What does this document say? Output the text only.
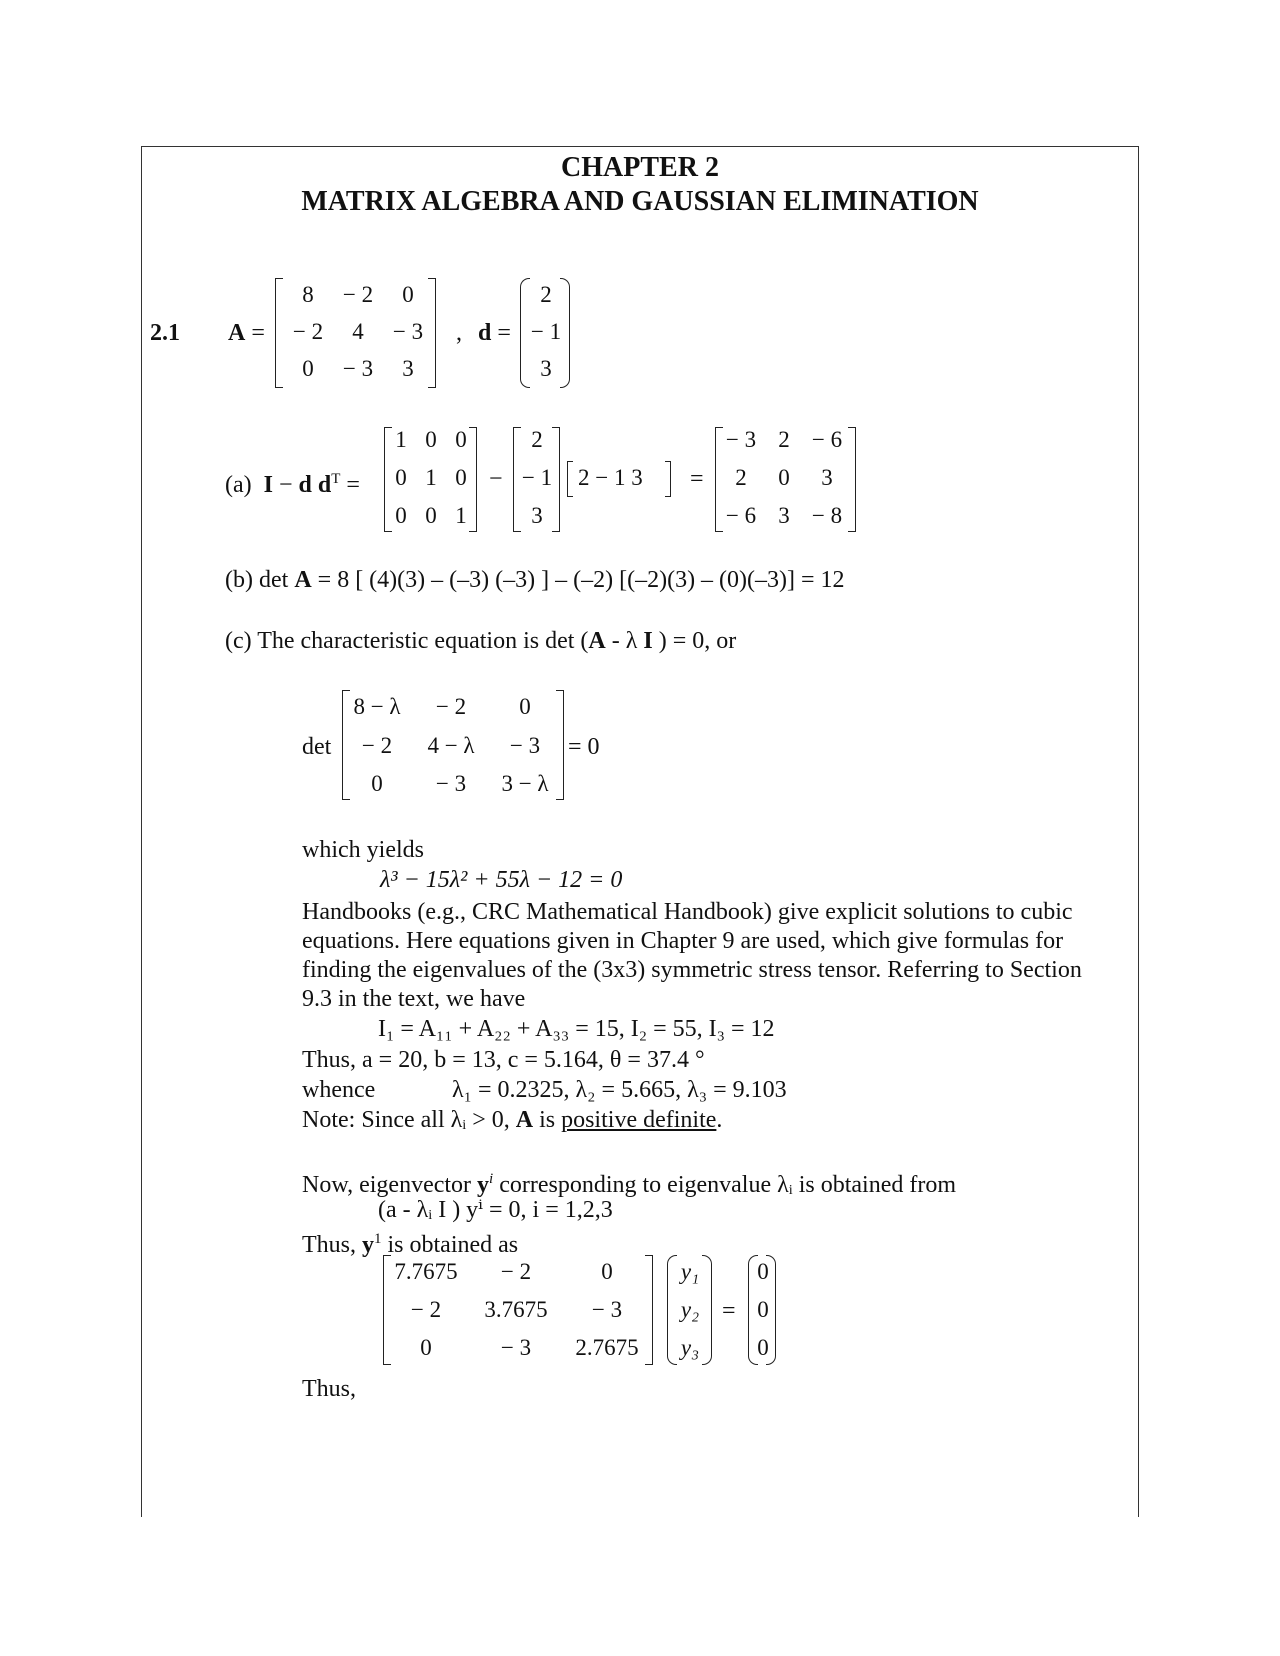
CHAPTER 2
MATRIX ALGEBRA AND GAUSSIAN ELIMINATION
2.1 A =
8	− 2	0
− 2	4	− 3
0	− 3	3
, d =
2
− 1
3
(a) I − d $d^T$ =
1 0 0
0 1 0
0 0 1
−
2
− 1
3
2 − 1 3 =
− 3 2 − 6
2	0	3
− 6 3 − 8
(b) det A = 8 [ (4)(3) – (–3) (–3) ] – (–2) [(–2)(3) – (0)(–3)] = 12
(c) The characteristic equation is det (A - λ I ) = 0, or
det
8 − λ	− 2	0
− 2	4 − λ	− 3
0	− 3	3 − λ
= 0
which yields
λ³ − 15λ² + 55λ − 12 = 0
Handbooks (e.g., CRC Mathematical Handbook) give explicit solutions to cubic
equations. Here equations given in Chapter 9 are used, which give formulas for
finding the eigenvalues of the (3x3) symmetric stress tensor. Referring to Section
9.3 in the text, we have
I₁ = A₁₁ + A₂₂ + A₃₃ = 15, I₂ = 55, I₃ = 12
Thus, a = 20, b = 13, c = 5.164, θ = 37.4 °
whence	λ₁ = 0.2325, λ₂ = 5.665, λ₃ = 9.103
Note: Since all λᵢ > 0, A is positive definite.
Now, eigenvector $y^i$ corresponding to eigenvalue λᵢ is obtained from
(a - λᵢ I ) yⁱ = 0, i = 1,2,3
Thus, $y^1$ is obtained as
7.7675	− 2	0
− 2	3.7675	− 3
0	− 3	2.7675
y₁
y₂
y₃
=
0
0
0
Thus,
